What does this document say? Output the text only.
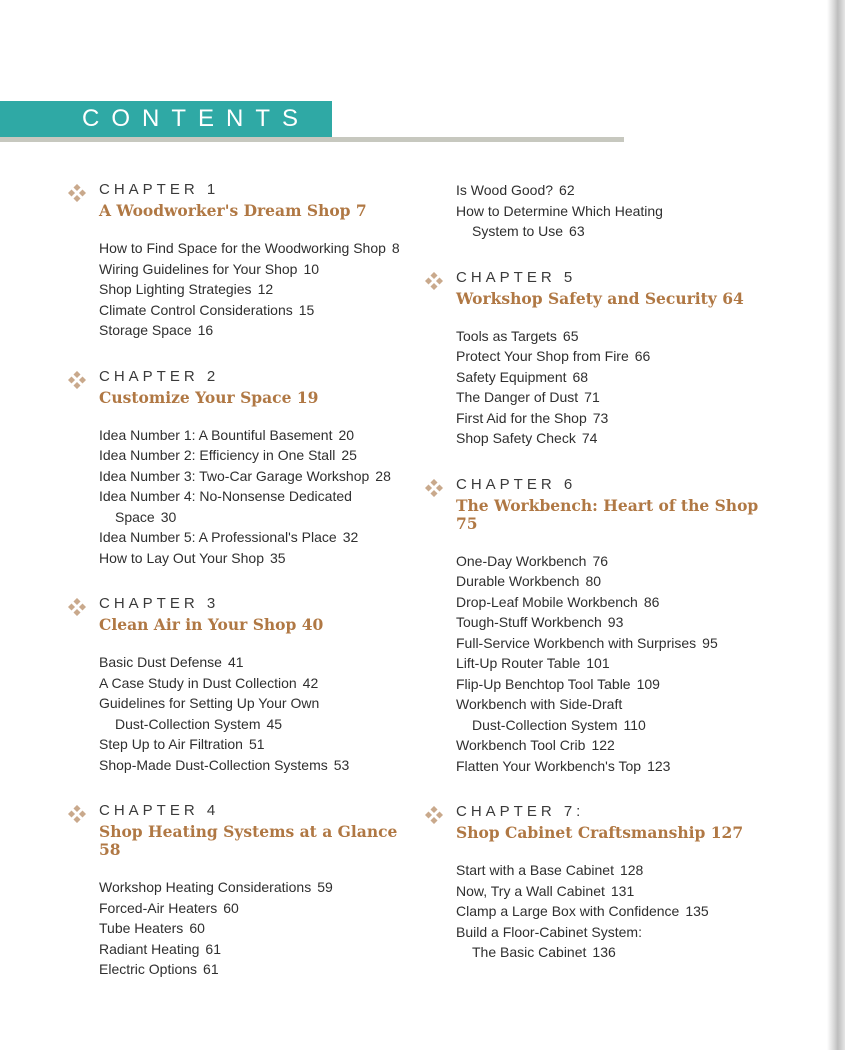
CONTENTS
CHAPTER 1
A Woodworker's Dream Shop 7
How to Find Space for the Woodworking Shop 8
Wiring Guidelines for Your Shop 10
Shop Lighting Strategies 12
Climate Control Considerations 15
Storage Space 16
CHAPTER 2
Customize Your Space 19
Idea Number 1: A Bountiful Basement 20
Idea Number 2: Efficiency in One Stall 25
Idea Number 3: Two-Car Garage Workshop 28
Idea Number 4: No-Nonsense Dedicated
Space 30
Idea Number 5: A Professional's Place 32
How to Lay Out Your Shop 35
CHAPTER 3
Clean Air in Your Shop 40
Basic Dust Defense 41
A Case Study in Dust Collection 42
Guidelines for Setting Up Your Own
Dust-Collection System 45
Step Up to Air Filtration 51
Shop-Made Dust-Collection Systems 53
CHAPTER 4
Shop Heating Systems at a Glance 58
Workshop Heating Considerations 59
Forced-Air Heaters 60
Tube Heaters 60
Radiant Heating 61
Electric Options 61
Is Wood Good? 62
How to Determine Which Heating
System to Use 63
CHAPTER 5
Workshop Safety and Security 64
Tools as Targets 65
Protect Your Shop from Fire 66
Safety Equipment 68
The Danger of Dust 71
First Aid for the Shop 73
Shop Safety Check 74
CHAPTER 6
The Workbench: Heart of the Shop 75
One-Day Workbench 76
Durable Workbench 80
Drop-Leaf Mobile Workbench 86
Tough-Stuff Workbench 93
Full-Service Workbench with Surprises 95
Lift-Up Router Table 101
Flip-Up Benchtop Tool Table 109
Workbench with Side-Draft
Dust-Collection System 110
Workbench Tool Crib 122
Flatten Your Workbench's Top 123
CHAPTER 7:
Shop Cabinet Craftsmanship 127
Start with a Base Cabinet 128
Now, Try a Wall Cabinet 131
Clamp a Large Box with Confidence 135
Build a Floor-Cabinet System:
The Basic Cabinet 136
